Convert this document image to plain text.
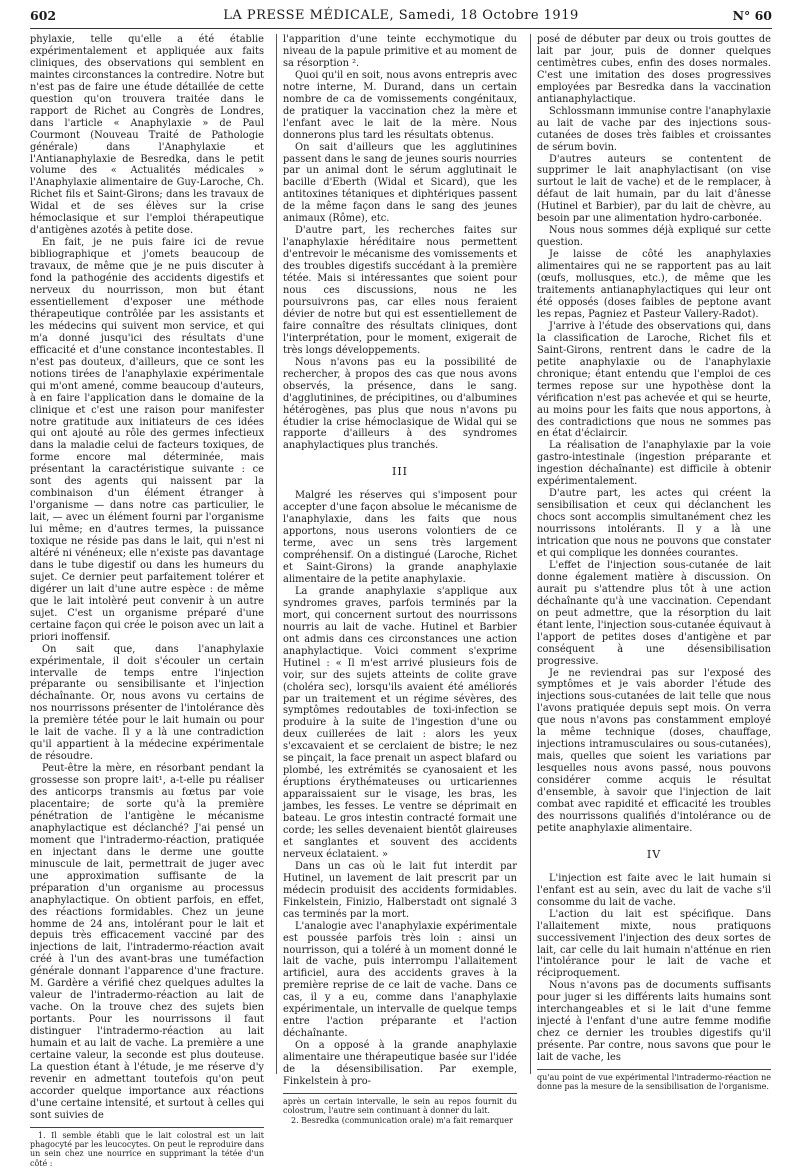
602	LA PRESSE MÉDICALE, Samedi, 18 Octobre 1919	N° 60

phylaxie, telle qu'elle a été établie expérimentalement et appliquée aux faits cliniques, des observations qui semblent en maintes circonstances la contredire. Notre but n'est pas de faire une étude détaillée de cette question qu'on trouvera traitée dans le rapport de Richet au Congrès de Londres, dans l'article « Anaphylaxie » de Paul Courmont (Nouveau Traité de Pathologie générale) dans l'Anaphylaxie et l'Antianaphylaxie de Besredka, dans le petit volume des « Actualités médicales » l'Anaphylaxie alimentaire de Guy-Laroche, Ch. Richet fils et Saint-Girons; dans les travaux de Widal et de ses élèves sur la crise hémoclasique et sur l'emploi thérapeutique d'antigènes azotés à petite dose.

En fait, je ne puis faire ici de revue bibliographique et j'omets beaucoup de travaux, de même que je ne puis discuter à fond la pathogénie des accidents digestifs et nerveux du nourrisson, mon but étant essentiellement d'exposer une méthode thérapeutique contrôlée par les assistants et les médecins qui suivent mon service, et qui m'a donné jusqu'ici des résultats d'une efficacité et d'une constance incontestables. Il n'est pas douteux, d'ailleurs, que ce sont les notions tirées de l'anaphylaxie expérimentale qui m'ont amené, comme beaucoup d'auteurs, à en faire l'application dans le domaine de la clinique et c'est une raison pour manifester notre gratitude aux initiateurs de ces idées qui ont ajouté au rôle des germes infectieux dans la maladie celui de facteurs toxiques, de forme encore mal déterminée, mais présentant la caractéristique suivante : ce sont des agents qui naissent par la combinaison d'un élément étranger à l'organisme — dans notre cas particulier, le lait, — avec un élément fourni par l'organisme lui même; en d'autres termes, la puissance toxique ne réside pas dans le lait, qui n'est ni altéré ni vénéneux; elle n'existe pas davantage dans le tube digestif ou dans les humeurs du sujet. Ce dernier peut parfaitement tolérer et digérer un lait d'une autre espèce : de même que le lait intolèré peut convenir à un autre sujet. C'est un organisme préparé d'une certaine façon qui crée le poison avec un lait a priori inoffensif.

On sait que, dans l'anaphylaxie expérimentale, il doit s'écouler un certain intervalle de temps entre l'injection préparante ou sensibilisante et l'injection déchaînante. Or, nous avons vu certains de nos nourrissons présenter de l'intolérance dès la première tétée pour le lait humain ou pour le lait de vache. Il y a là une contradiction qu'il appartient à la médecine expérimentale de résoudre.

Peut-être la mère, en résorbant pendant la grossesse son propre lait¹, a-t-elle pu réaliser des anticorps transmis au fœtus par voie placentaire; de sorte qu'à la première pénétration de l'antigène le mécanisme anaphylactique est déclanché? J'ai pensé un moment que l'intradermo-réaction, pratiquée en injectant dans le derme une goutte minuscule de lait, permettrait de juger avec une approximation suffisante de la préparation d'un organisme au processus anaphylactique. On obtient parfois, en effet, des réactions formidables. Chez un jeune homme de 24 ans, intolérant pour le lait et depuis très efficacement vacciné par des injections de lait, l'intradermo-réaction avait créé à l'un des avant-bras une tuméfaction générale donnant l'apparence d'une fracture. M. Gardère a vérifié chez quelques adultes la valeur de l'intradermo-réaction au lait de vache. On la trouve chez des sujets bien portants. Pour les nourrissons il faut distinguer l'intradermo-réaction au lait humain et au lait de vache. La première a une certaine valeur, la seconde est plus douteuse. La question étant à l'étude, je me réserve d'y revenir en admettant toutefois qu'on peut accorder quelque importance aux réactions d'une certaine intensité, et surtout à celles qui sont suivies de

1. Il semble établi que le lait colostral est un lait phagocyté par les leucocytes. On peut le reproduire dans un sein chez une nourrice en supprimant la tétée d'un côté :

l'apparition d'une teinte ecchymotique du niveau de la papule primitive et au moment de sa résorption ².

Quoi qu'il en soit, nous avons entrepris avec notre interne, M. Durand, dans un certain nombre de ca de vomissements congénitaux, de pratiquer la vaccination chez la mère et l'enfant avec le lait de la mère. Nous donnerons plus tard les résultats obtenus.

On sait d'ailleurs que les agglutinines passent dans le sang de jeunes souris nourries par un animal dont le sérum agglutinait le bacille d'Eberth (Widal et Sicard), que les antitoxines tétaniques et diphtériques passent de la même façon dans le sang des jeunes animaux (Rôme), etc.

D'autre part, les recherches faites sur l'anaphylaxie héréditaire nous permettent d'entrevoir le mécanisme des vomissements et des troubles digestifs succédant à la première tétée. Mais si intéressantes que soient pour nous ces discussions, nous ne les poursuivrons pas, car elles nous feraient dévier de notre but qui est essentiellement de faire connaître des résultats cliniques, dont l'interprétation, pour le moment, exigerait de très longs développements.

Nous n'avons pas eu la possibilité de rechercher, à propos des cas que nous avons observés, la présence, dans le sang. d'agglutinines, de précipitines, ou d'albumines hétérogènes, pas plus que nous n'avons pu étudier la crise hémoclasique de Widal qui se rapporte d'ailleurs à des syndromes anaphylactiques plus tranchés.

III

Malgré les réserves qui s'imposent pour accepter d'une façon absolue le mécanisme de l'anaphylaxie, dans les faits que nous apportons, nous userons volontiers de ce terme, avec un sens très largement compréhensif. On a distingué (Laroche, Richet et Saint-Girons) la grande anaphylaxie alimentaire de la petite anaphylaxie.

La grande anaphylaxie s'applique aux syndromes graves, parfois terminés par la mort, qui concernent surtout des nourrissons nourris au lait de vache. Hutinel et Barbier ont admis dans ces circonstances une action anaphylactique. Voici comment s'exprime Hutinel : « Il m'est arrivé plusieurs fois de voir, sur des sujets atteints de colite grave (choléra sec), lorsqu'ils avaient été améliorés par un traitement et un régime sévères, des symptômes redoutables de toxi-infection se produire à la suite de l'ingestion d'une ou deux cuillerées de lait : alors les yeux s'excavaient et se cerclaient de bistre; le nez se pinçait, la face prenait un aspect blafard ou plombé, les extrémités se cyanosaient et les éruptions érythémateuses ou urticariennes apparaissaient sur le visage, les bras, les jambes, les fesses. Le ventre se déprimait en bateau. Le gros intestin contracté formait une corde; les selles devenaient bientôt glaireuses et sanglantes et souvent des accidents nerveux éclataient. »

Dans un cas où le lait fut interdit par Hutinel, un lavement de lait prescrit par un médecin produisit des accidents formidables. Finkelstein, Finizio, Halberstadt ont signalé 3 cas terminés par la mort.

L'analogie avec l'anaphylaxie expérimentale est poussée parfois très loin : ainsi un nourrisson, qui a toléré à un moment donné le lait de vache, puis interrompu l'allaitement artificiel, aura des accidents graves à la première reprise de ce lait de vache. Dans ce cas, il y a eu, comme dans l'anaphylaxie expérimentale, un intervalle de quelque temps entre l'action préparante et l'action déchaînante.

On a opposé à la grande anaphylaxie alimentaire une thérapeutique basée sur l'idée de la désensibilisation. Par exemple, Finkelstein à pro-

après un certain intervalle, le sein au repos fournit du colostrum, l'autre sein continuant à donner du lait.

2. Besredka (communication orale) m'a fait remarquer

posé de débuter par deux ou trois gouttes de lait par jour, puis de donner quelques centimètres cubes, enfin des doses normales. C'est une imitation des doses progressives employées par Besredka dans la vaccination antianaphylactique.

Schlossmann immunise contre l'anaphylaxie au lait de vache par des injections sous-cutanées de doses très faibles et croissantes de sérum bovin.

D'autres auteurs se contentent de supprimer le lait anaphylactisant (on vise surtout le lait de vache) et de le remplacer, à défaut de lait humain, par du lait d'ânesse (Hutinel et Barbier), par du lait de chèvre, au besoin par une alimentation hydro-carbonée.

Nous nous sommes déjà expliqué sur cette question.

Je laisse de côté les anaphylaxies alimentaires qui ne se rapportent pas au lait (œufs, mollusques, etc.), de même que les traitements antianaphylactiques qui leur ont été opposés (doses faibles de peptone avant les repas, Pagniez et Pasteur Vallery-Radot).

J'arrive à l'étude des observations qui, dans la classification de Laroche, Richet fils et Saint-Girons, rentrent dans le cadre de la petite anaphylaxie ou de l'anaphylaxie chronique; étant entendu que l'emploi de ces termes repose sur une hypothèse dont la vérification n'est pas achevée et qui se heurte, au moins pour les faits que nous apportons, à des contradictions que nous ne sommes pas en état d'éclaircir.

La réalisation de l'anaphylaxie par la voie gastro-intestinale (ingestion préparante et ingestion déchaînante) est difficile à obtenir expérimentalement.

D'autre part, les actes qui créent la sensibilisation et ceux qui déclanchent les chocs sont accomplis simultanément chez les nourrissons intolérants. Il y a là une intrication que nous ne pouvons que constater et qui complique les données courantes.

L'effet de l'injection sous-cutanée de lait donne également matière à discussion. On aurait pu s'attendre plus tôt à une action déchaînante qu'à une vaccination. Cependant on peut admettre, que la résorption du lait étant lente, l'injection sous-cutanée équivaut à l'apport de petites doses d'antigène et par conséquent à une désensibilisation progressive.

Je ne reviendrai pas sur l'exposé des symptômes et je vais aborder l'étude des injections sous-cutanées de lait telle que nous l'avons pratiquée depuis sept mois. On verra que nous n'avons pas constamment employé la même technique (doses, chauffage, injections intramusculaires ou sous-cutanées), mais, quelles que soient les variations par lesquelles nous avons passé, nous pouvons considérer comme acquis le résultat d'ensemble, à savoir que l'injection de lait combat avec rapidité et efficacité les troubles des nourrissons qualifiés d'intolérance ou de petite anaphylaxie alimentaire.

IV

L'injection est faite avec le lait humain si l'enfant est au sein, avec du lait de vache s'il consomme du lait de vache.

L'action du lait est spécifique. Dans l'allaitement mixte, nous pratiquons successivement l'injection des deux sortes de lait, car celle du lait humain n'atténue en rien l'intolérance pour le lait de vache et réciproquement.

Nous n'avons pas de documents suffisants pour juger si les différents laits humains sont interchangeables et si le lait d'une femme injecté à l'enfant d'une autre femme modifie chez ce dernier les troubles digestifs qu'il présente. Par contre, nous savons que pour le lait de vache, les

qu'au point de vue expérimental l'intradermo-réaction ne donne pas la mesure de la sensibilisation de l'organisme.
